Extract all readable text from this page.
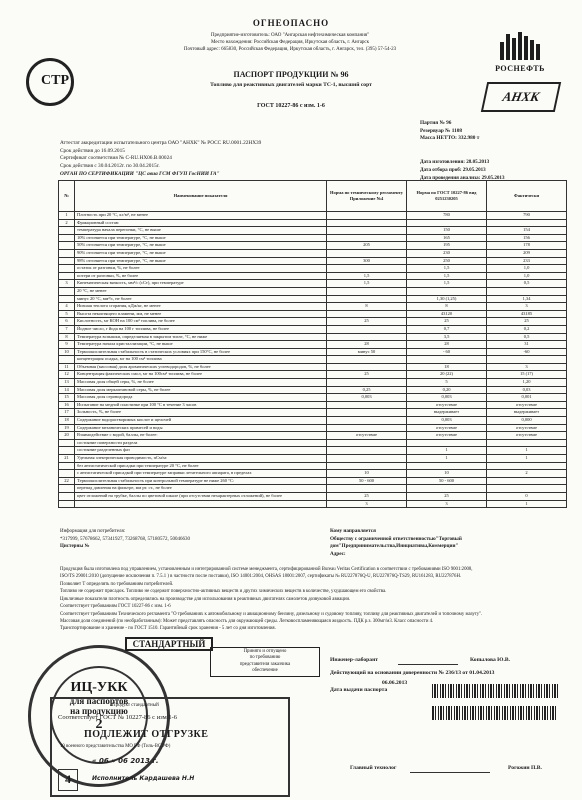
ОГНЕОПАСНО
Предприятие-изготовитель: ОАО "Ангарская нефтехимическая компания"
Место нахождения: Российская Федерация, Иркутская область, г. Ангарск
Почтовый адрес: 665830, Российская Федерация, Иркутская область, г. Ангарск, тел. (395) 57-54-23
СТР
РОСНЕФТЬ
АНХК
ПАСПОРТ ПРОДУКЦИИ № 96
Топливо для реактивных двигателей марки ТС-1, высший сорт
ГОСТ 10227-86 с изм. 1-6
Аттестат аккредитации испытательного центра ОАО "АНХК" № РОСС RU.0001.22НХ39
Срок действия до 16.09.2015
Сертификат соответствия № С-RU.НХ06.В.00024
Срок действия с 30.04.2012г. по 30.04.2015г.
Партия № 96
Резервуар № 1108
Масса НЕТТО: 332.980 т
Дата изготовления: 28.05.2013
Дата отбора проб: 29.05.2013
Дата проведения анализа: 29.05.2013
ОРГАН ПО СЕРТИФИКАЦИИ "ЦС авиа ГСМ ФГУП ГосНИИ ГА"
№	Наименование показателя	Норма по техническому регламенту Приложение №4	Норма по ГОСТ 10227-86 вид 0251230205	Фактически
1	Плотность при 20 °С, кг/м³, не менее		780	790
2	Фракционный состав:			
	температура начала перегонки, °С, не выше		150	154
	10% отгоняется при температуре, °С, не выше		165	156
	50% отгоняется при температуре, °С, не выше	205	195	178
	90% отгоняется при температуре, °С, не выше		230	209
	98% отгоняется при температуре, °С, не выше	300	250	233
	остаток от разгонки, %, не более		1,5	1,0
	потери от разгонки, %, не более	1,5	1,5	1,0
3	Кинематическая вязкость, мм²/с (сСт), при температуре	1,5	1,5	0,5
	20 °С, не менее			
	минус 20 °С, мм²/с, не более		1,30 (1,25)	1,34
4	Низшая теплота сгорания, кДж/кг, не менее	8	8	3
5	Высота некоптящего пламени, мм, не менее		43120	43185
6	Кислотность, мг КОН на 100 см³ топлива, не более	25	25	25
7	Йодное число, г йода на 100 г топлива, не более		0,7	0,2
8	Температура вспышки, определяемая в закрытом тигле, °С, не ниже		3,5	0,5
9	Температура начала кристаллизации, °С, не выше	28	28	31
10	Термоокислительная стабильность в статических условиях при 150°С, не более	минус 50	- 60	-60
	концентрация осадка, мг на 100 см³ топлива			
11	Объемная (массовая) доля ароматических углеводородов, %, не более		18	3
12	Концентрация фактических смол, мг на 100см³ топлива, не более	25	20 (22)	15 (17)
13	Массовая доля общей серы, %, не более		5	1,20
14	Массовая доля меркаптановой серы, %, не более	0,25	0,20	0,03
15	Массовая доля сероводорода	0,003	0,003	0,001
16	Испытание на медной пластинке при 100 °С в течение 3 часов		отсутствие	отсутствие
17	Зольность, %, не более		выдерживает	выдерживает
18	Содержание водорастворимых кислот и щелочей		0,003	0,000
19	Содержание механических примесей и воды		отсутствие	отсутствие
20	Взаимодействие с водой, баллы, не более:	отсутствие	отсутствие	отсутствие
	состояние поверхности раздела			
	состояние разделенных фаз		1	1
21	Удельная электрическая проводимость, пСм/м:		1	1
	без антистатической присадки при температуре 20 °С, не более			
	с антистатической присадкой при температуре заправки летательного аппарата, в пределах	10	10	2
22	Термоокислительная стабильность при контрольной температуре не ниже 260 °С:	50 - 600	50 - 600	
	перепад давления на фильтре, мм рт. ст., не более			
	цвет отложений на трубке, баллы по цветовой шкале (при отсутствии нехарактерных отложений), не более	25	25	0
		3	3	1
Информация для потребителя:
*317999, 57678662, 57341927, 73268768, 57180572, 50046630
Цистерны №
Кому направляется
Обществу с ограниченной ответственностью"Торговый
дом"Предпринимательства,Инициативы,Коммерции"
Адрес:
Продукция была изготовлена под управлением, установленным и интегрированной системе менеджмента, сертифицированной Bureau Veritas Certification в соответствии с требованиями ISO 9001:2008,
ISO/TS 29001:2010 (допущение исключения п. 7.5.1 ) в частности после поставки), ISO 14001:2004, OHSAS 18001:2007, сертификаты № RU227876Q-U, RU227876Q-TS29, RU161283, RU227876H.
Позволяет Т определять по требованиям потребителей.
Топливо не содержит присадок. Топливо не содержит поверхностно-активных веществ и других химических веществ в количестве, ухудшающем его свойства.
Цикличные показатели плотность определялись на производстве для использования в реактивных двигателях самолетов дозвуковой авиации.
Соответствует требованиям ГОСТ 10227-86 с изм. 1-6
Соответствует требованиям Технического регламента "О требованиях к автомобильному и авиационному бензину, дизельному и судовому топливу, топливу для реактивных двигателей и топочному мазуту".
Массовая доля соединений (по необработанным): Может представлять опасность для окружающей среды. Легковоспламеняющаяся жидкость. ПДК р.з. 300мг/м3. Класс опасности 4.
Транспортирование и хранение - по ГОСТ 1510. Гарантийный срок хранения - 5 лет со дня изготовления.
Инженер-лаборант	Копылова Ю.В.
Действующий на основании доверенности № 236/13 от 01.04.2013
Дата выдачи паспорта
06.06.2013
Главный технолог	Рогожин П.В.
ИЦ-УКК
для паспортов
на продукцию
2
СТАНДАРТНЫЙ
Принято и отпущено
по требованию
представителя заказчика
обеспечение
Продукт стандартный
Соответствует ГОСТ № 10227-86 с изм 1-6
ПОДЛЕЖИТ ОТГРУЗКЕ
10 военного представительства МО РФ (Тиль-ВС РФ)
« 06 » 06 2013 г.
Исполнитель Кардашева Н.Н
4
